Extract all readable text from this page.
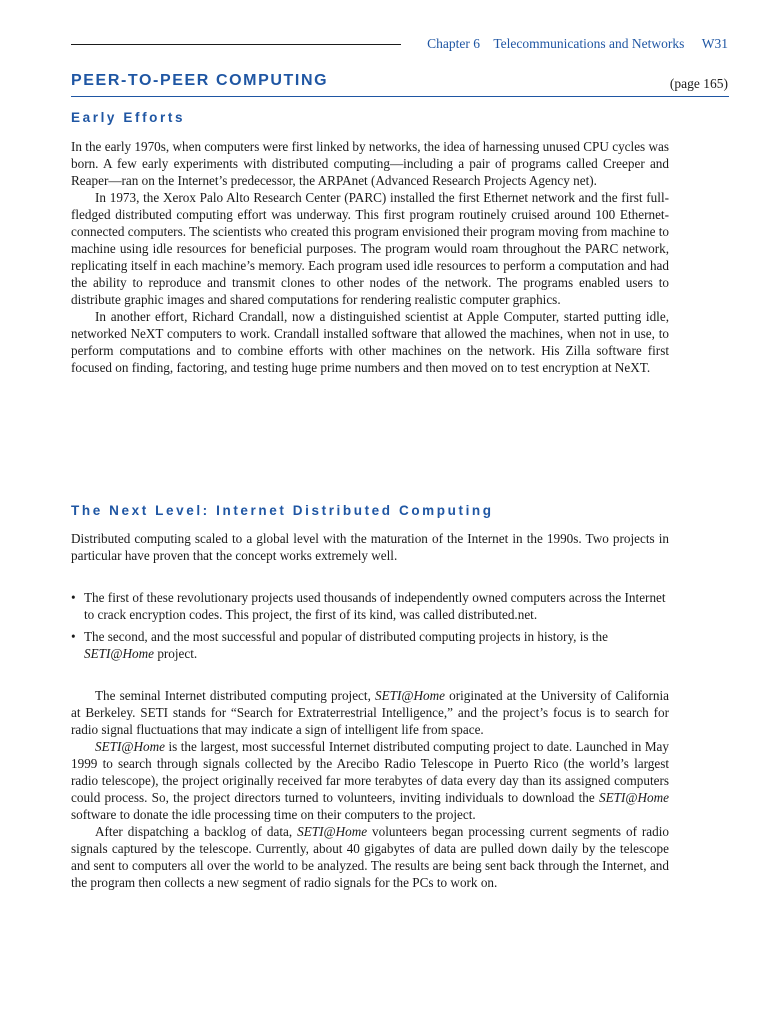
Chapter 6 Telecommunications and Networks W31
PEER-TO-PEER COMPUTING	(page 165)
Early Efforts

In the early 1970s, when computers were first linked by networks, the idea of harnessing unused CPU cycles was born. A few early experiments with distributed computing—including a pair of programs called Creeper and Reaper—ran on the Internet’s predecessor, the ARPAnet (Advanced Research Projects Agency net).

In 1973, the Xerox Palo Alto Research Center (PARC) installed the first Ethernet network and the first full-fledged distributed computing effort was underway. This first program routinely cruised around 100 Ethernet-connected computers. The scientists who created this program envisioned their program moving from machine to machine using idle resources for beneficial purposes. The program would roam throughout the PARC network, replicating itself in each machine’s memory. Each program used idle resources to perform a computation and had the ability to reproduce and transmit clones to other nodes of the network. The programs enabled users to distribute graphic images and shared computations for rendering realistic computer graphics.

In another effort, Richard Crandall, now a distinguished scientist at Apple Computer, started putting idle, networked NeXT computers to work. Crandall installed software that allowed the machines, when not in use, to perform computations and to combine efforts with other machines on the network. His Zilla software first focused on finding, factoring, and testing huge prime numbers and then moved on to test encryption at NeXT.

The Next Level: Internet Distributed Computing

Distributed computing scaled to a global level with the maturation of the Internet in the 1990s. Two projects in particular have proven that the concept works extremely well.

• The first of these revolutionary projects used thousands of independently owned computers across the Internet to crack encryption codes. This project, the first of its kind, was called distributed.net.
• The second, and the most successful and popular of distributed computing projects in history, is the SETI@Home project.

The seminal Internet distributed computing project, SETI@Home originated at the University of California at Berkeley. SETI stands for “Search for Extraterrestrial Intelligence,” and the project’s focus is to search for radio signal fluctuations that may indicate a sign of intelligent life from space.

SETI@Home is the largest, most successful Internet distributed computing project to date. Launched in May 1999 to search through signals collected by the Arecibo Radio Telescope in Puerto Rico (the world’s largest radio telescope), the project originally received far more terabytes of data every day than its assigned computers could process. So, the project directors turned to volunteers, inviting individuals to download the SETI@Home software to donate the idle processing time on their computers to the project.

After dispatching a backlog of data, SETI@Home volunteers began processing current segments of radio signals captured by the telescope. Currently, about 40 gigabytes of data are pulled down daily by the telescope and sent to computers all over the world to be analyzed. The results are being sent back through the Internet, and the program then collects a new segment of radio signals for the PCs to work on.
